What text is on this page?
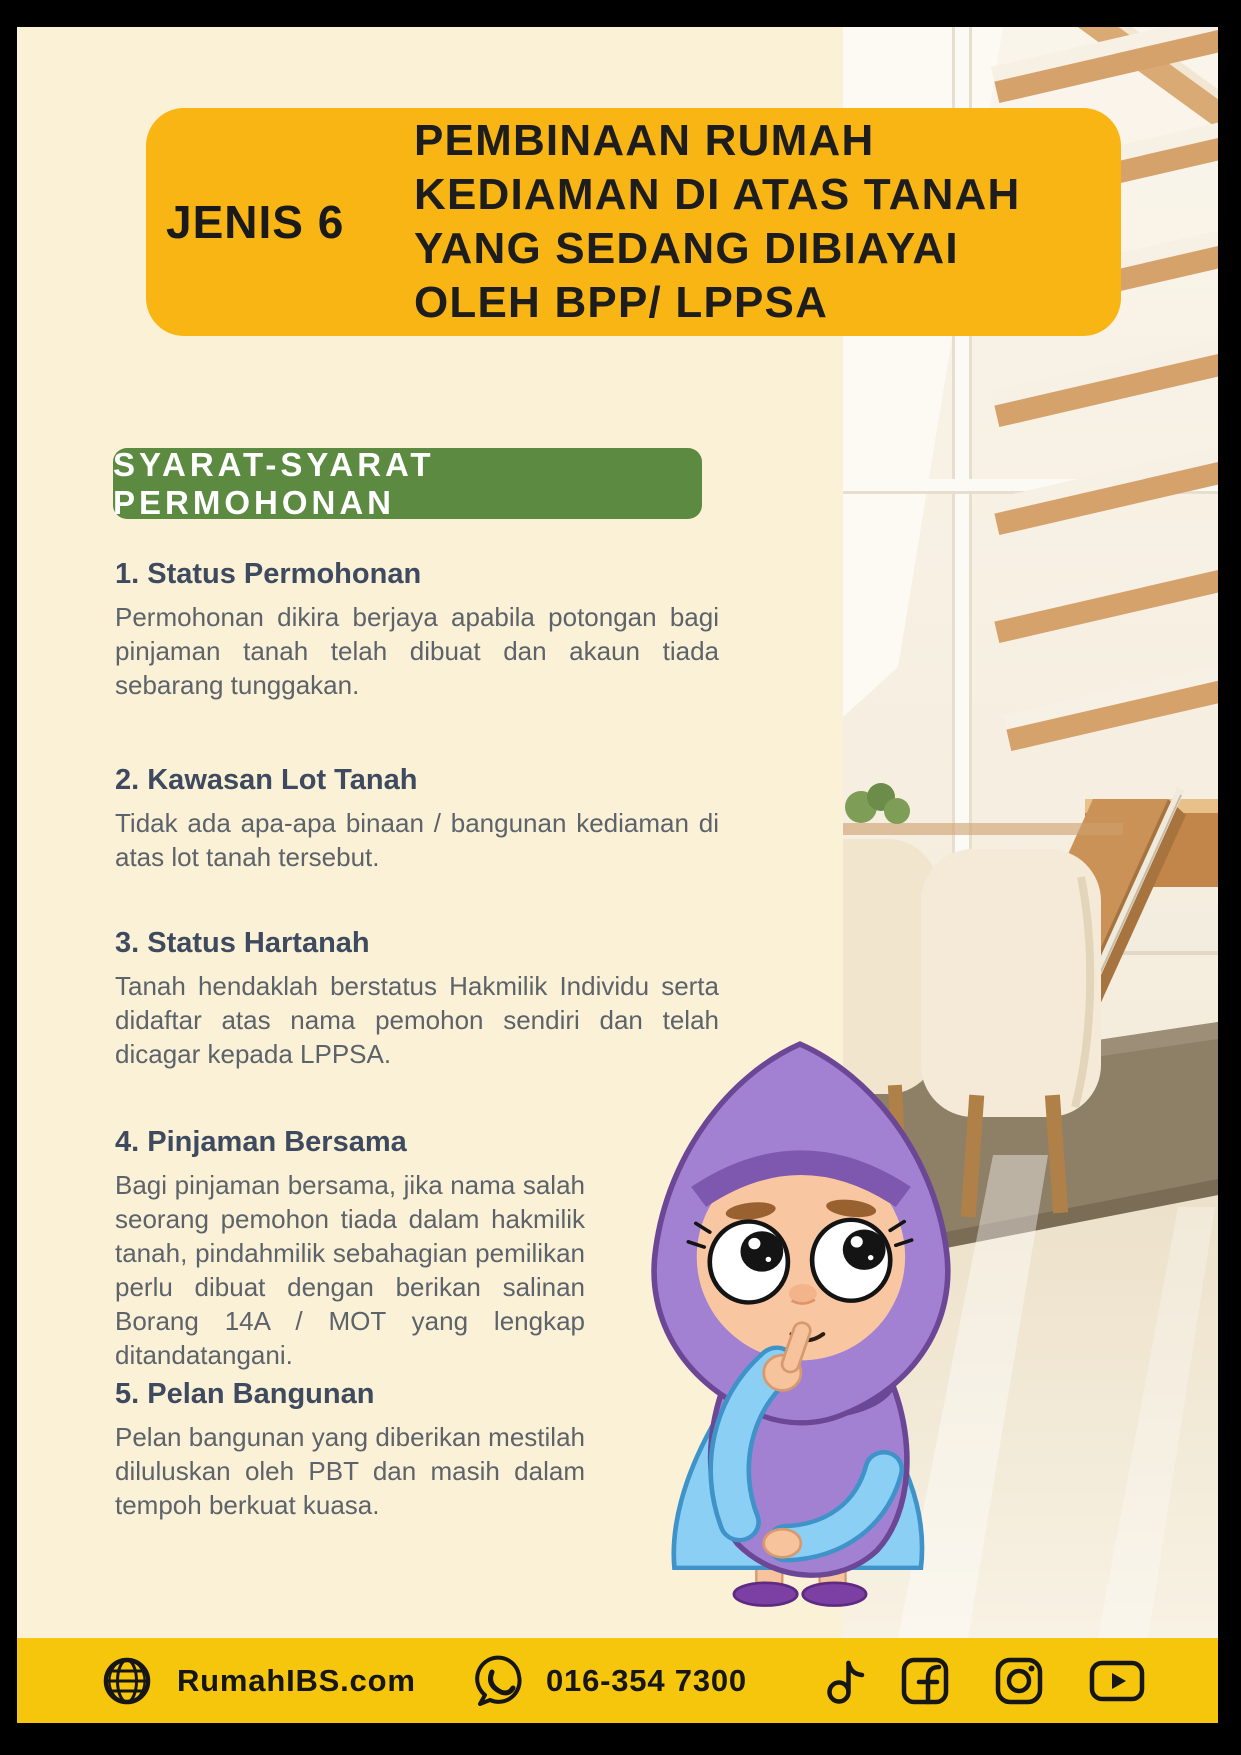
JENIS 6
PEMBINAAN RUMAH
KEDIAMAN DI ATAS TANAH
YANG SEDANG DIBIAYAI
OLEH BPP/ LPPSA
SYARAT-SYARAT PERMOHONAN
1. Status Permohonan
Permohonan dikira berjaya apabila potongan bagi pinjaman tanah telah dibuat dan akaun tiada sebarang tunggakan.
2. Kawasan Lot Tanah
Tidak ada apa-apa binaan / bangunan kediaman di atas lot tanah tersebut.
3. Status Hartanah
Tanah hendaklah berstatus Hakmilik Individu serta didaftar atas nama pemohon sendiri dan telah dicagar kepada LPPSA.
4. Pinjaman Bersama
Bagi pinjaman bersama, jika nama salah seorang pemohon tiada dalam hakmilik tanah, pindahmilik sebahagian pemilikan perlu dibuat dengan berikan salinan Borang 14A / MOT yang lengkap ditandatangani.
5. Pelan Bangunan
Pelan bangunan yang diberikan mestilah diluluskan oleh PBT dan masih dalam tempoh berkuat kuasa.
RumahIBS.com	016-354 7300
